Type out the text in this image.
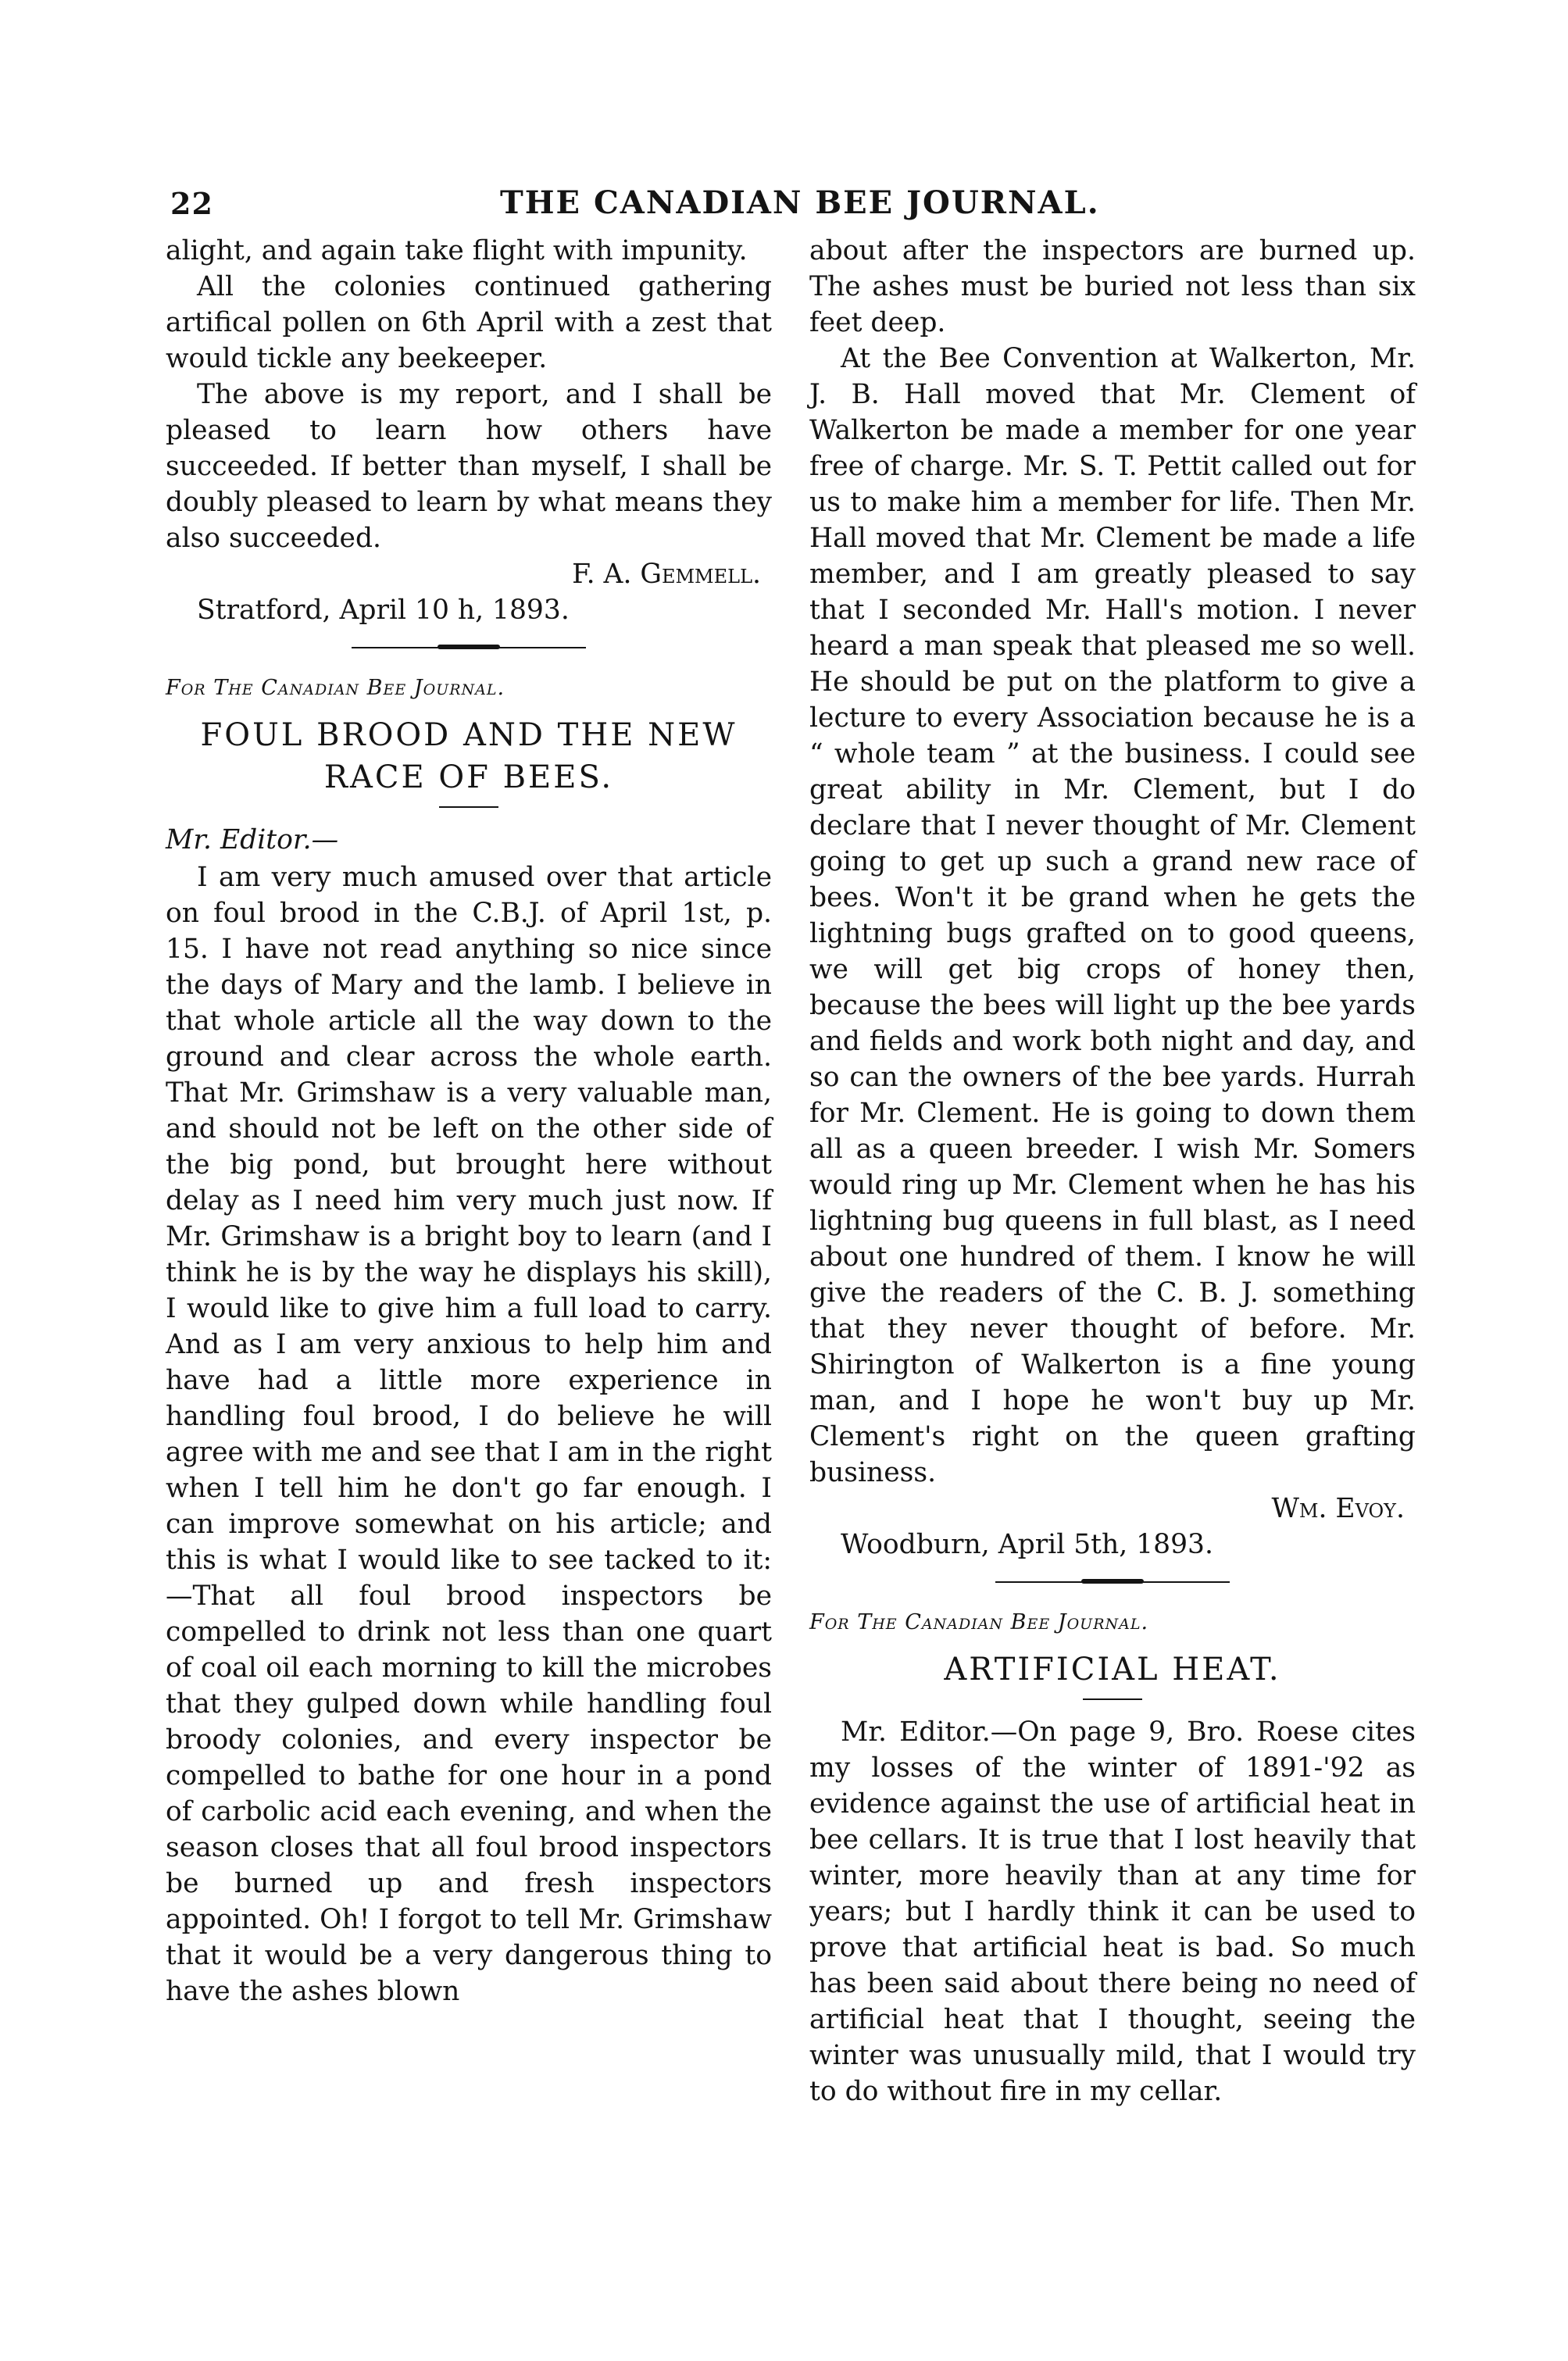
22	THE CANADIAN BEE JOURNAL.

alight, and again take flight with impunity.

All the colonies continued gathering artifical pollen on 6th April with a zest that would tickle any beekeeper.

The above is my report, and I shall be pleased to learn how others have succeeded. If better than myself, I shall be doubly pleased to learn by what means they also succeeded.

F. A. Gemmell.

Stratford, April 10 h, 1893.

For The Canadian Bee Journal.
FOUL BROOD AND THE NEW RACE OF BEES.
Mr. Editor.—

I am very much amused over that article on foul brood in the C.B.J. of April 1st, p. 15. I have not read anything so nice since the days of Mary and the lamb. I believe in that whole article all the way down to the ground and clear across the whole earth. That Mr. Grimshaw is a very valuable man, and should not be left on the other side of the big pond, but brought here without delay as I need him very much just now. If Mr. Grimshaw is a bright boy to learn (and I think he is by the way he displays his skill), I would like to give him a full load to carry. And as I am very anxious to help him and have had a little more experience in handling foul brood, I do believe he will agree with me and see that I am in the right when I tell him he don't go far enough. I can improve somewhat on his article; and this is what I would like to see tacked to it:—That all foul brood inspectors be compelled to drink not less than one quart of coal oil each morning to kill the microbes that they gulped down while handling foul broody colonies, and every inspector be compelled to bathe for one hour in a pond of carbolic acid each evening, and when the season closes that all foul brood inspectors be burned up and fresh inspectors appointed. Oh! I forgot to tell Mr. Grimshaw that it would be a very dangerous thing to have the ashes blown

about after the inspectors are burned up. The ashes must be buried not less than six feet deep.

At the Bee Convention at Walkerton, Mr. J. B. Hall moved that Mr. Clement of Walkerton be made a member for one year free of charge. Mr. S. T. Pettit called out for us to make him a member for life. Then Mr. Hall moved that Mr. Clement be made a life member, and I am greatly pleased to say that I seconded Mr. Hall's motion. I never heard a man speak that pleased me so well. He should be put on the platform to give a lecture to every Association because he is a “ whole team ” at the business. I could see great ability in Mr. Clement, but I do declare that I never thought of Mr. Clement going to get up such a grand new race of bees. Won't it be grand when he gets the lightning bugs grafted on to good queens, we will get big crops of honey then, because the bees will light up the bee yards and fields and work both night and day, and so can the owners of the bee yards. Hurrah for Mr. Clement. He is going to down them all as a queen breeder. I wish Mr. Somers would ring up Mr. Clement when he has his lightning bug queens in full blast, as I need about one hundred of them. I know he will give the readers of the C. B. J. something that they never thought of before. Mr. Shirington of Walkerton is a fine young man, and I hope he won't buy up Mr. Clement's right on the queen grafting business.

Wm. Evoy.

Woodburn, April 5th, 1893.

For The Canadian Bee Journal.
ARTIFICIAL HEAT.

Mr. Editor.—On page 9, Bro. Roese cites my losses of the winter of 1891-'92 as evidence against the use of artificial heat in bee cellars. It is true that I lost heavily that winter, more heavily than at any time for years; but I hardly think it can be used to prove that artificial heat is bad. So much has been said about there being no need of artificial heat that I thought, seeing the winter was unusually mild, that I would try to do without fire in my cellar.
